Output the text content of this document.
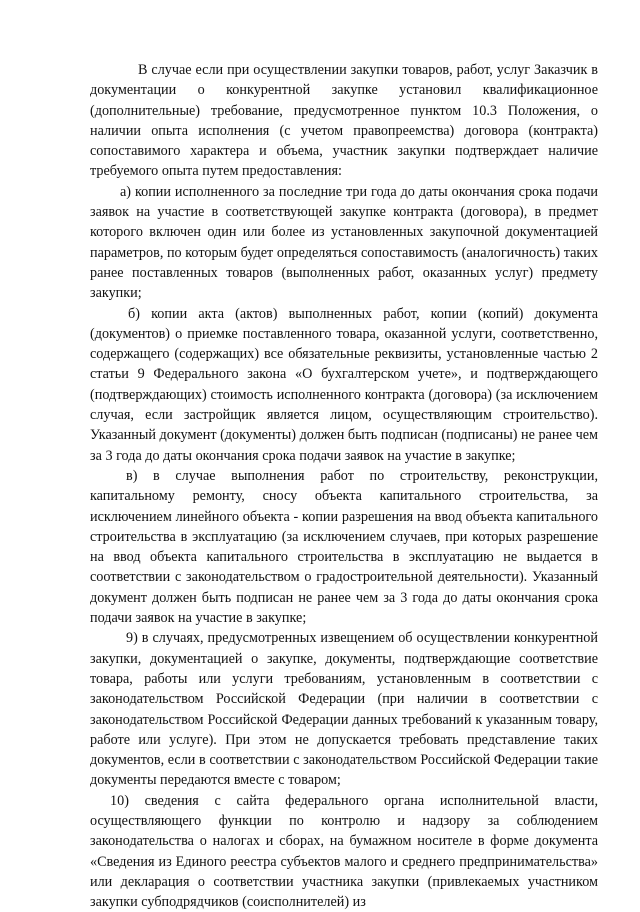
В случае если при осуществлении закупки товаров, работ, услуг Заказчик в документации о конкурентной закупке установил квалификационное (дополнительные) требование, предусмотренное пунктом 10.3 Положения, о наличии опыта исполнения (с учетом правопреемства) договора (контракта) сопоставимого характера и объема, участник закупки подтверждает наличие требуемого опыта путем предоставления:

а) копии исполненного за последние три года до даты окончания срока подачи заявок на участие в соответствующей закупке контракта (договора), в предмет которого включен один или более из установленных закупочной документацией параметров, по которым будет определяться сопоставимость (аналогичность) таких ранее поставленных товаров (выполненных работ, оказанных услуг) предмету закупки;

б) копии акта (актов) выполненных работ, копии (копий) документа (документов) о приемке поставленного товара, оказанной услуги, соответственно, содержащего (содержащих) все обязательные реквизиты, установленные частью 2 статьи 9 Федерального закона «О бухгалтерском учете», и подтверждающего (подтверждающих) стоимость исполненного контракта (договора) (за исключением случая, если застройщик является лицом, осуществляющим строительство). Указанный документ (документы) должен быть подписан (подписаны) не ранее чем за 3 года до даты окончания срока подачи заявок на участие в закупке;

в) в случае выполнения работ по строительству, реконструкции, капитальному ремонту, сносу объекта капитального строительства, за исключением линейного объекта - копии разрешения на ввод объекта капитального строительства в эксплуатацию (за исключением случаев, при которых разрешение на ввод объекта капитального строительства в эксплуатацию не выдается в соответствии с законодательством о градостроительной деятельности). Указанный документ должен быть подписан не ранее чем за 3 года до даты окончания срока подачи заявок на участие в закупке;

9) в случаях, предусмотренных извещением об осуществлении конкурентной закупки, документацией о закупке, документы, подтверждающие соответствие товара, работы или услуги требованиям, установленным в соответствии с законодательством Российской Федерации (при наличии в соответствии с законодательством Российской Федерации данных требований к указанным товару, работе или услуге). При этом не допускается требовать представление таких документов, если в соответствии с законодательством Российской Федерации такие документы передаются вместе с товаром;

10) сведения с сайта федерального органа исполнительной власти, осуществляющего функции по контролю и надзору за соблюдением законодательства о налогах и сборах, на бумажном носителе в форме документа «Сведения из Единого реестра субъектов малого и среднего предпринимательства» или декларация о соответствии участника закупки (привлекаемых участником закупки субподрядчиков (соисполнителей) из
